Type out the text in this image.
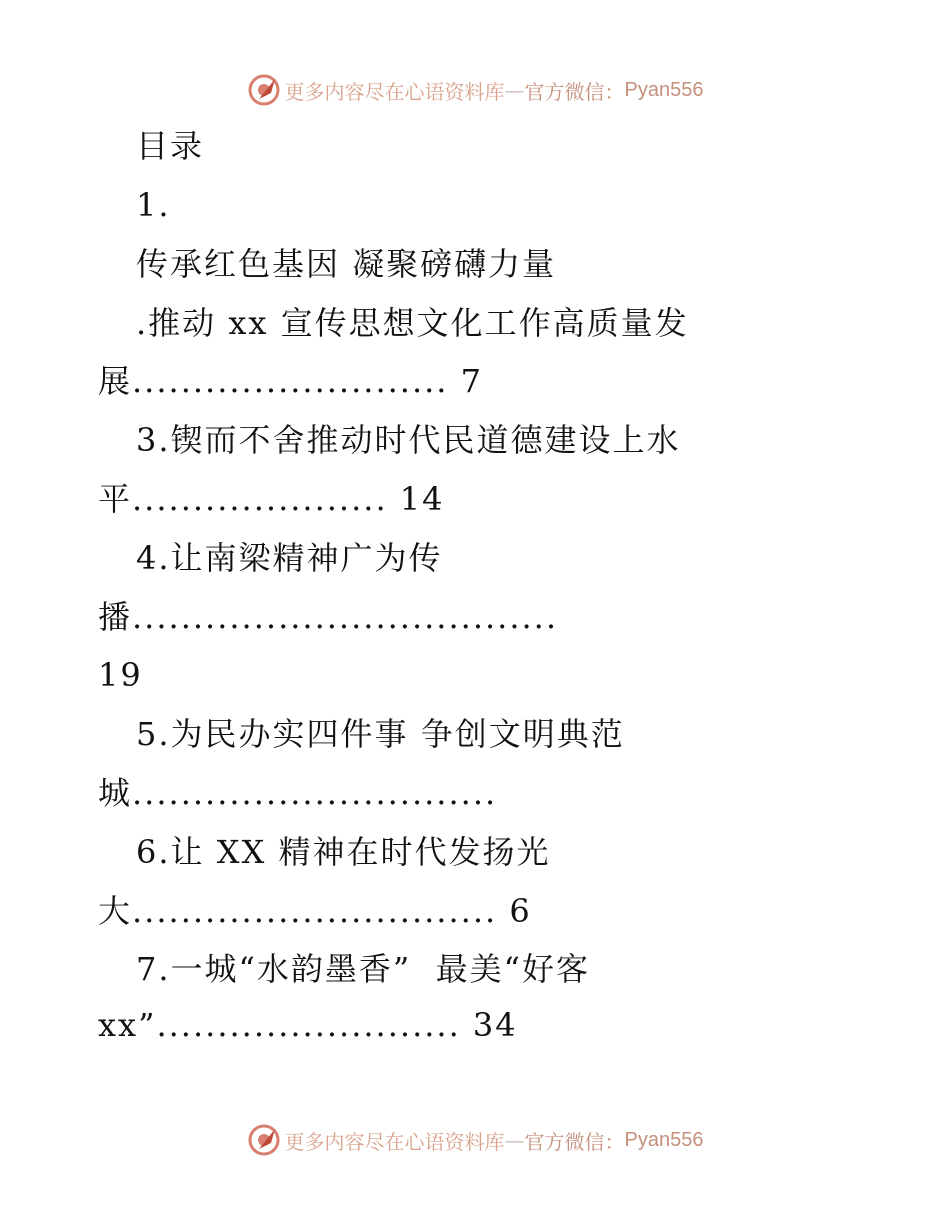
更多内容尽在心语资料库 — 官方微信： Pyan556
目录
1.
传承红色基因 凝聚磅礴力量
.推动 xx 宣传思想文化工作高质量发
展.......................... 7
3.锲而不舍推动时代民道德建设上水
平..................... 14
4.让南梁精神广为传
播...................................
19
5.为民办实四件事 争创文明典范
城..............................
6.让 XX 精神在时代发扬光
大.............................. 6
7.一城“水韵墨香”  最美“好客
xx”......................... 34
更多内容尽在心语资料库 — 官方微信： Pyan556
